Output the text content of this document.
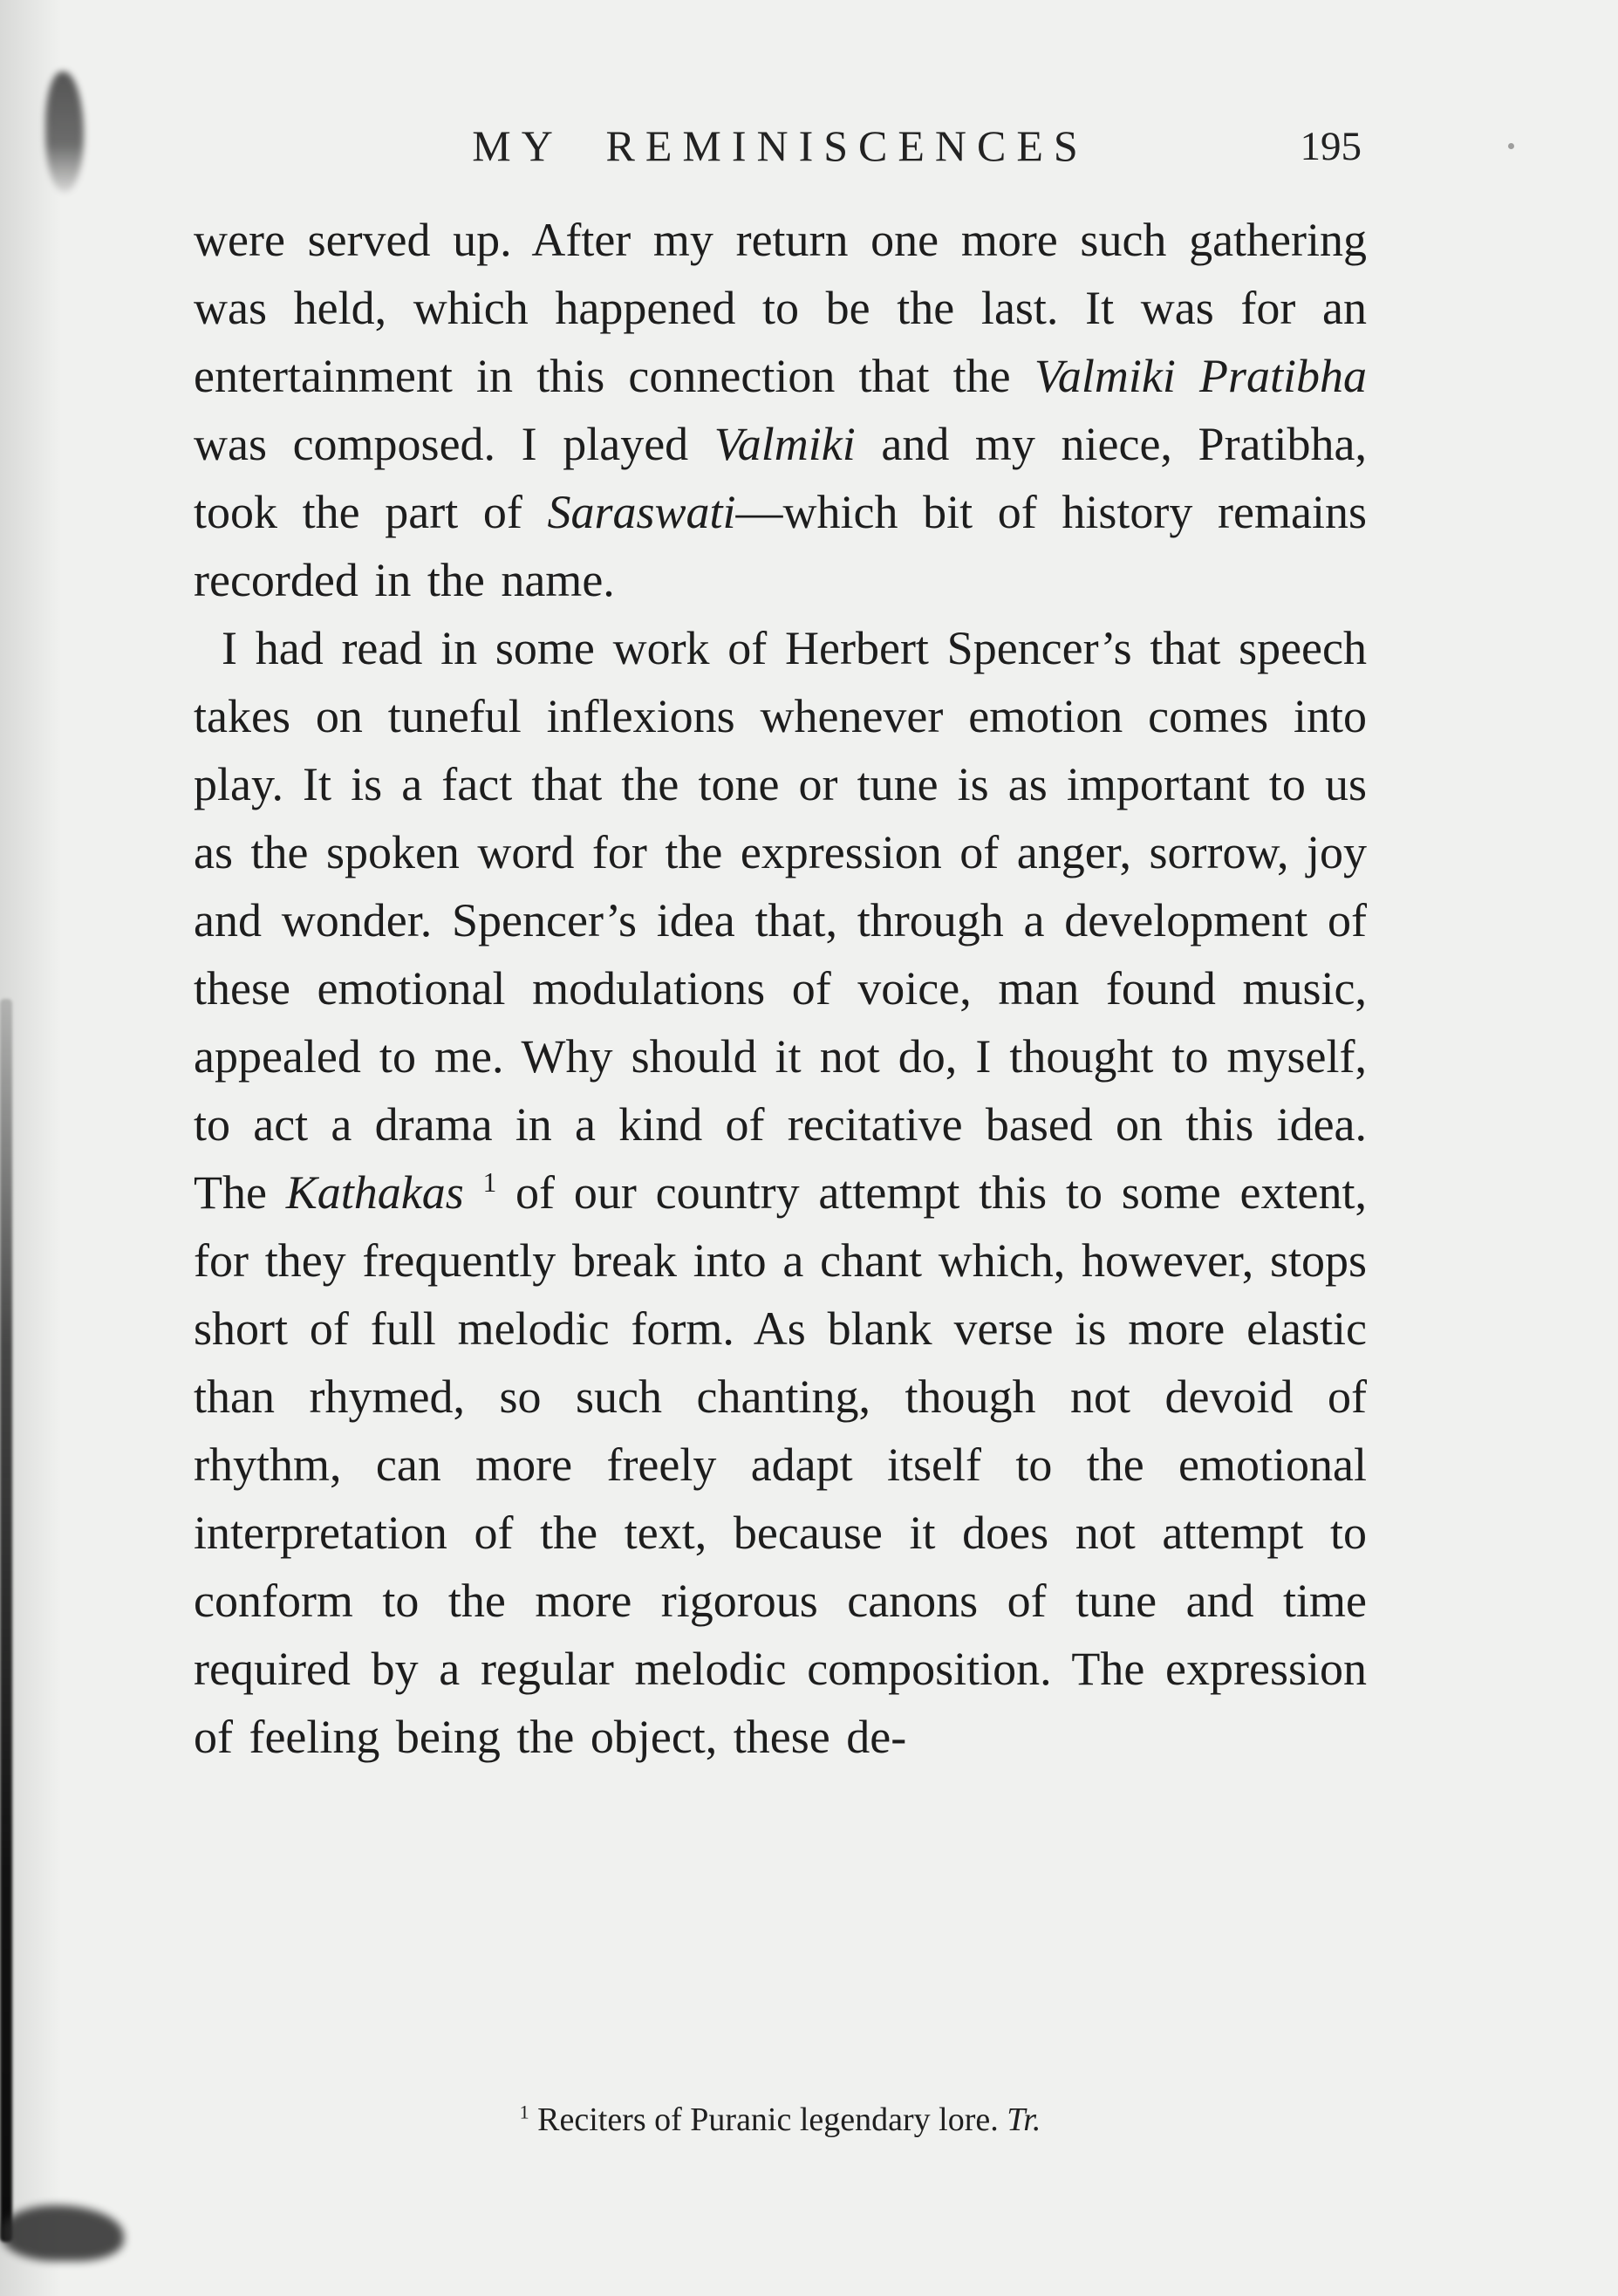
MY REMINISCENCES	195

were served up. After my return one more such gathering was held, which happened to be the last. It was for an entertainment in this connection that the Valmiki Pratibha was composed. I played Valmiki and my niece, Pratibha, took the part of Saraswati—which bit of history remains recorded in the name.

I had read in some work of Herbert Spencer’s that speech takes on tuneful inflexions whenever emotion comes into play. It is a fact that the tone or tune is as important to us as the spoken word for the expression of anger, sorrow, joy and wonder. Spencer’s idea that, through a development of these emotional modulations of voice, man found music, appealed to me. Why should it not do, I thought to myself, to act a drama in a kind of recitative based on this idea. The Kathakas $^1$ of our country attempt this to some extent, for they frequently break into a chant which, however, stops short of full melodic form. As blank verse is more elastic than rhymed, so such chanting, though not devoid of rhythm, can more freely adapt itself to the emotional interpretation of the text, because it does not attempt to conform to the more rigorous canons of tune and time required by a regular melodic composition. The expression of feeling being the object, these de-

$^1$ Reciters of Puranic legendary lore. Tr.
